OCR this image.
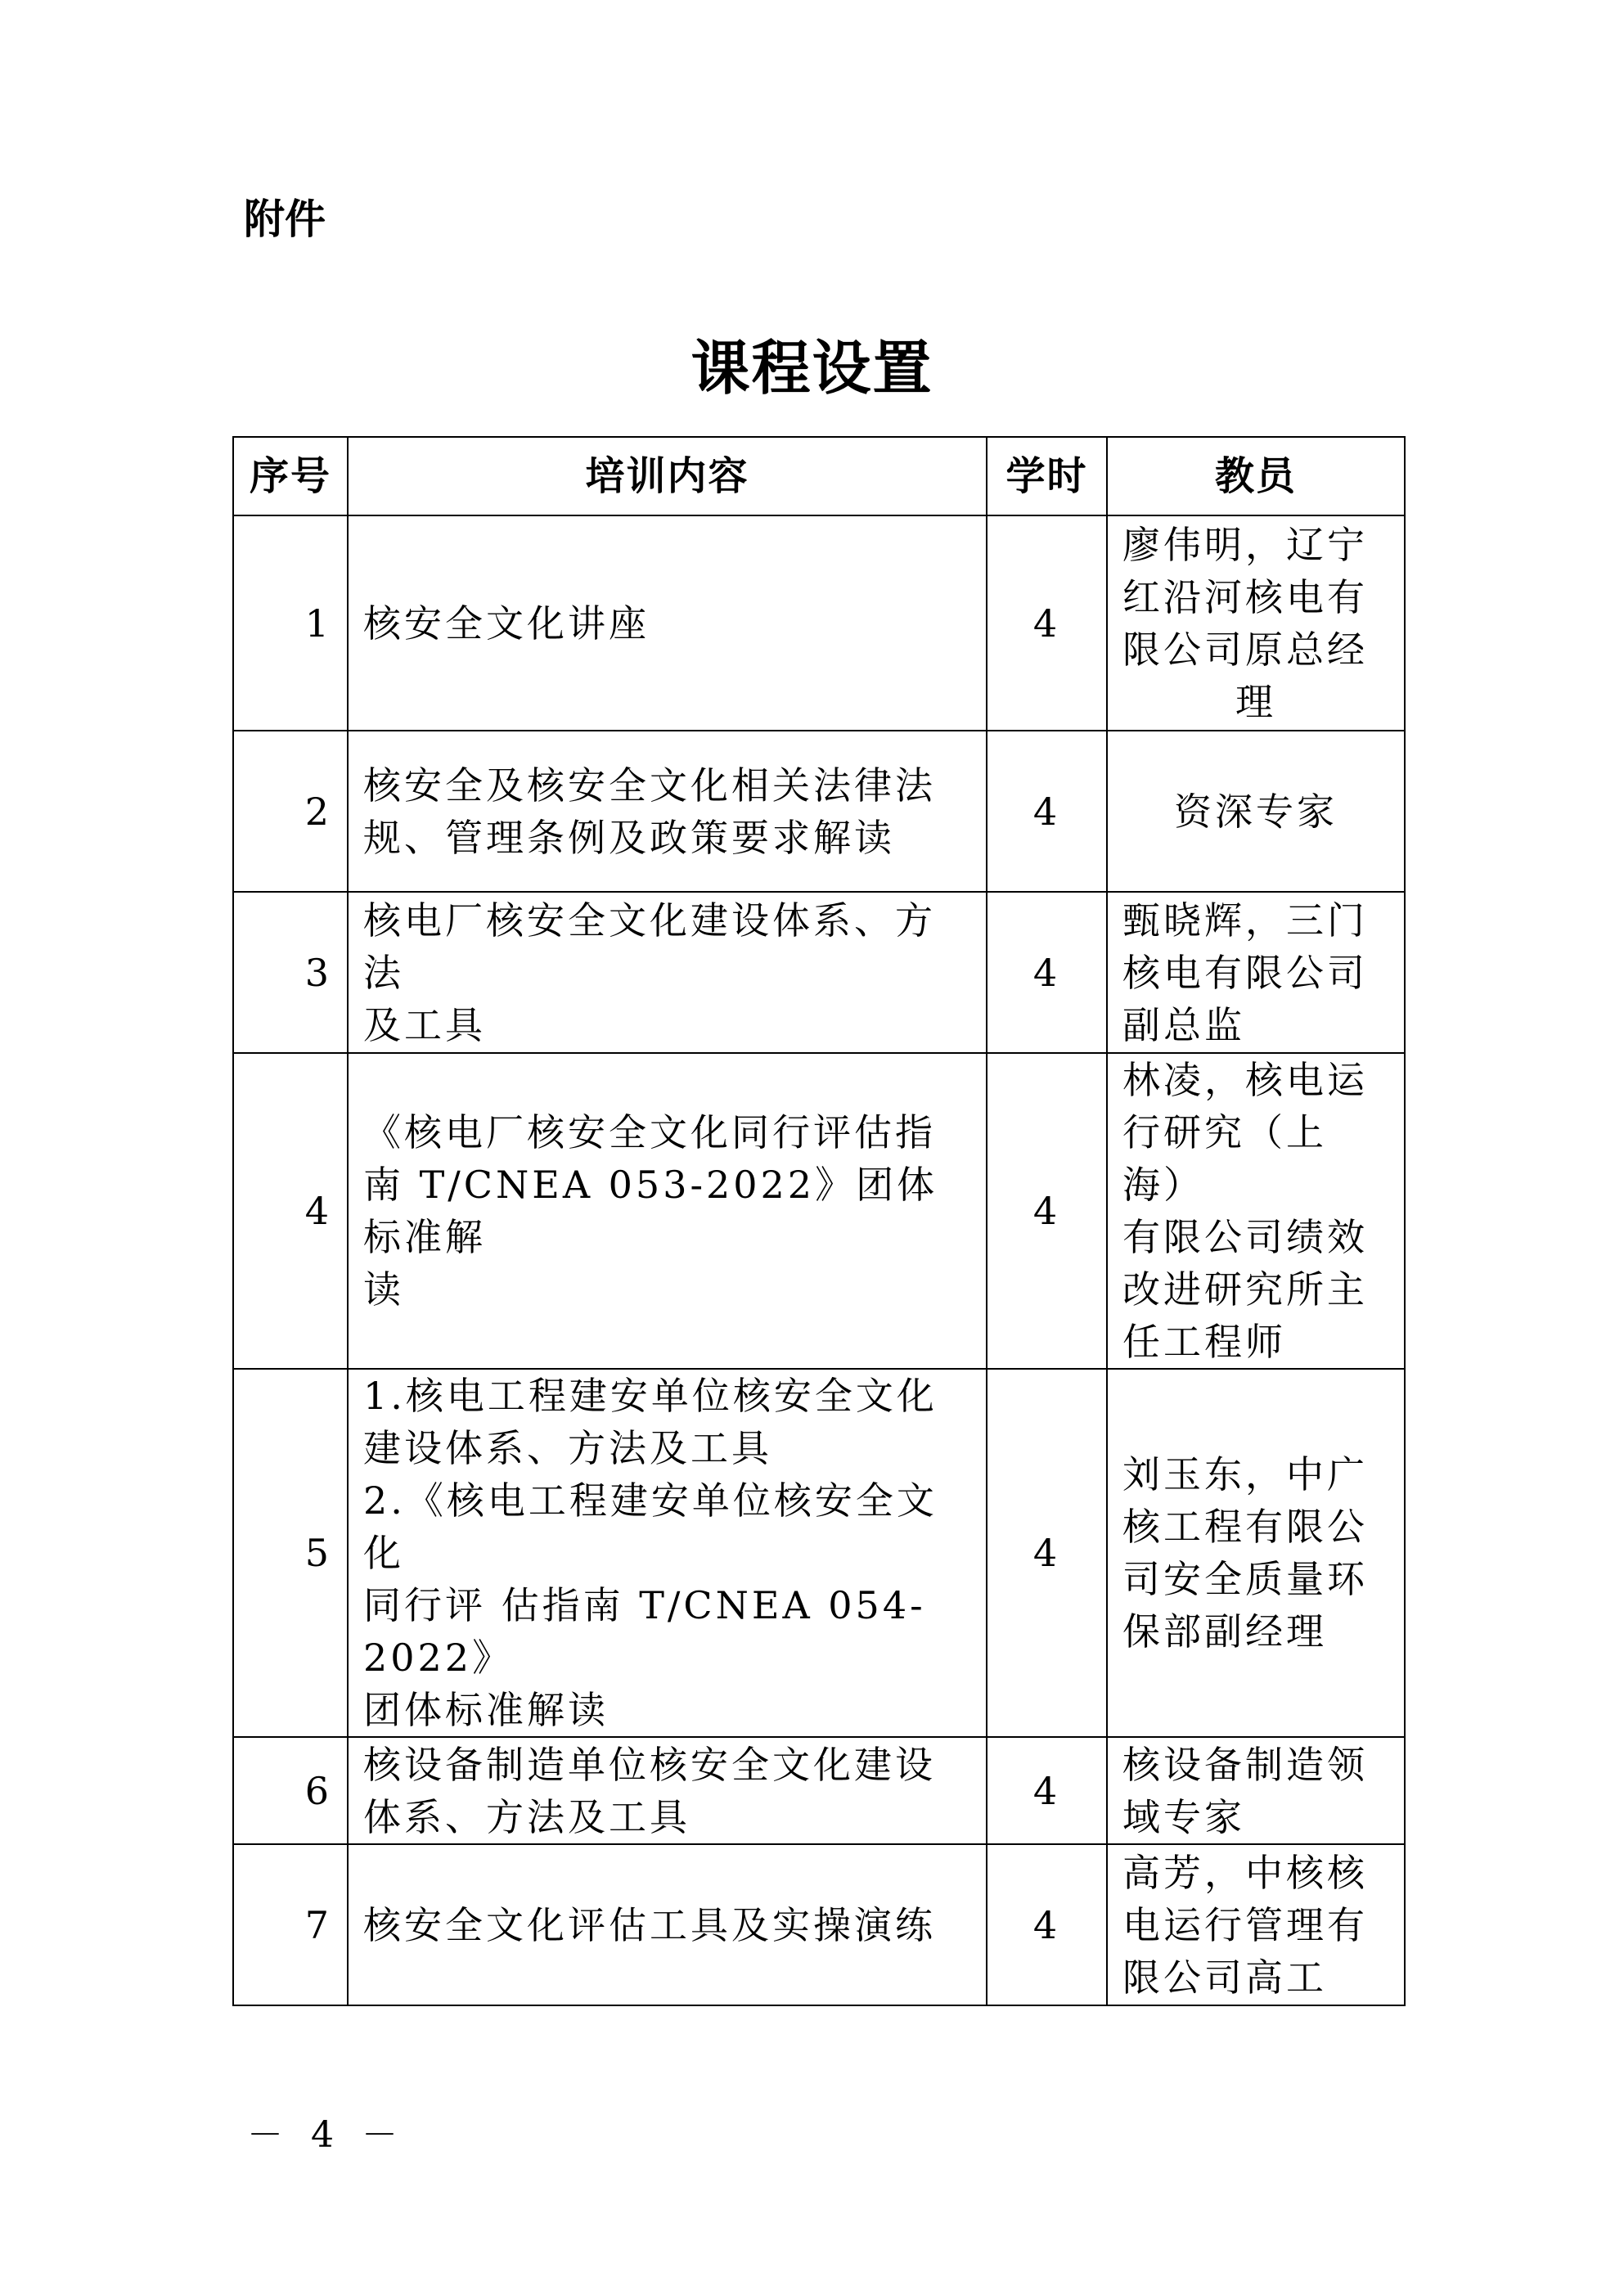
附件
课程设置
序号	培训内容	学时	教员
1	核安全文化讲座	4	廖伟明，辽宁
红沿河核电有
限公司原总经
理

2	核安全及核安全文化相关法律法
规、管理条例及政策要求解读	4	资深专家

3	核电厂核安全文化建设体系、方法
及工具	4	甄晓辉，三门
核电有限公司
副总监

4	《核电厂核安全文化同行评估指
南 T/CNEA 053-2022》团体标准解
读	4	林凌，核电运
行研究（上海）
有限公司绩效
改进研究所主
任工程师

5	1.核电工程建安单位核安全文化
建设体系、方法及工具
2.《核电工程建安单位核安全文化
同行评 估指南 T/CNEA 054-2022》
团体标准解读	4	刘玉东，中广
核工程有限公
司安全质量环
保部副经理

6	核设备制造单位核安全文化建设
体系、方法及工具	4	核设备制造领
域专家

7	核安全文化评估工具及实操演练	4	高芳，中核核
电运行管理有
限公司高工
－ 4 －
